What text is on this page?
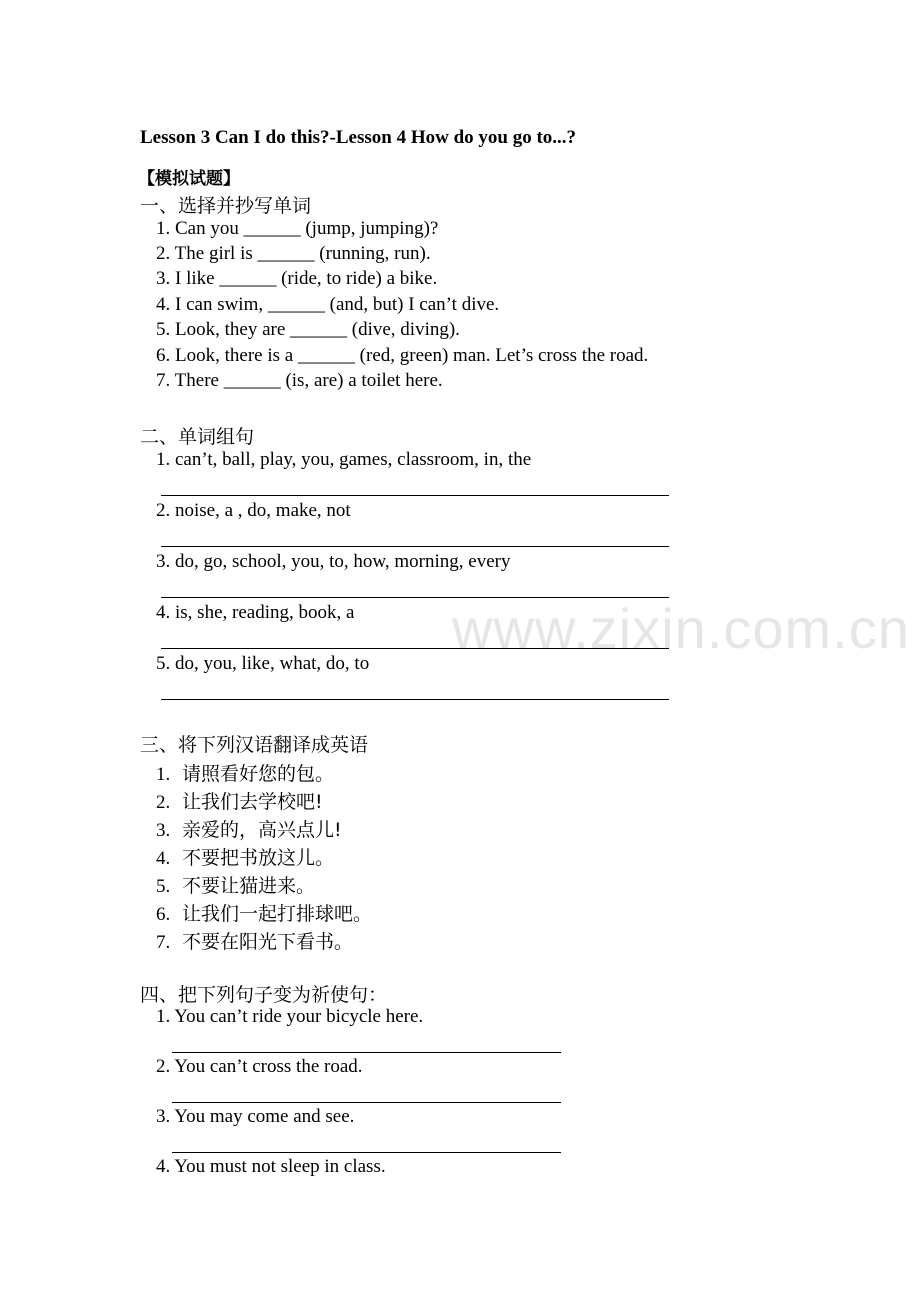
www.zixin.com.cn
Lesson 3 Can I do this?-Lesson 4 How do you go to...?
【模拟试题】
一、选择并抄写单词
1. Can you ______ (jump, jumping)?
2. The girl is ______ (running, run).
3. I like ______ (ride, to ride) a bike.
4. I can swim, ______ (and, but) I can’t dive.
5. Look, they are ______ (dive, diving).
6. Look, there is a ______ (red, green) man. Let’s cross the road.
7. There ______ (is, are) a toilet here.
二、单词组句
1. can’t, ball, play, you, games, classroom, in, the
2. noise, a , do, make, not
3. do, go, school, you, to, how, morning, every
4. is, she, reading, book, a
5. do, you, like, what, do, to
三、将下列汉语翻译成英语
1. 请照看好您的包。
2. 让我们去学校吧!
3. 亲爱的，高兴点儿!
4. 不要把书放这儿。
5. 不要让猫进来。
6. 让我们一起打排球吧。
7. 不要在阳光下看书。
四、把下列句子变为祈使句：
1. You can’t ride your bicycle here.
2. You can’t cross the road.
3. You may come and see.
4. You must not sleep in class.
